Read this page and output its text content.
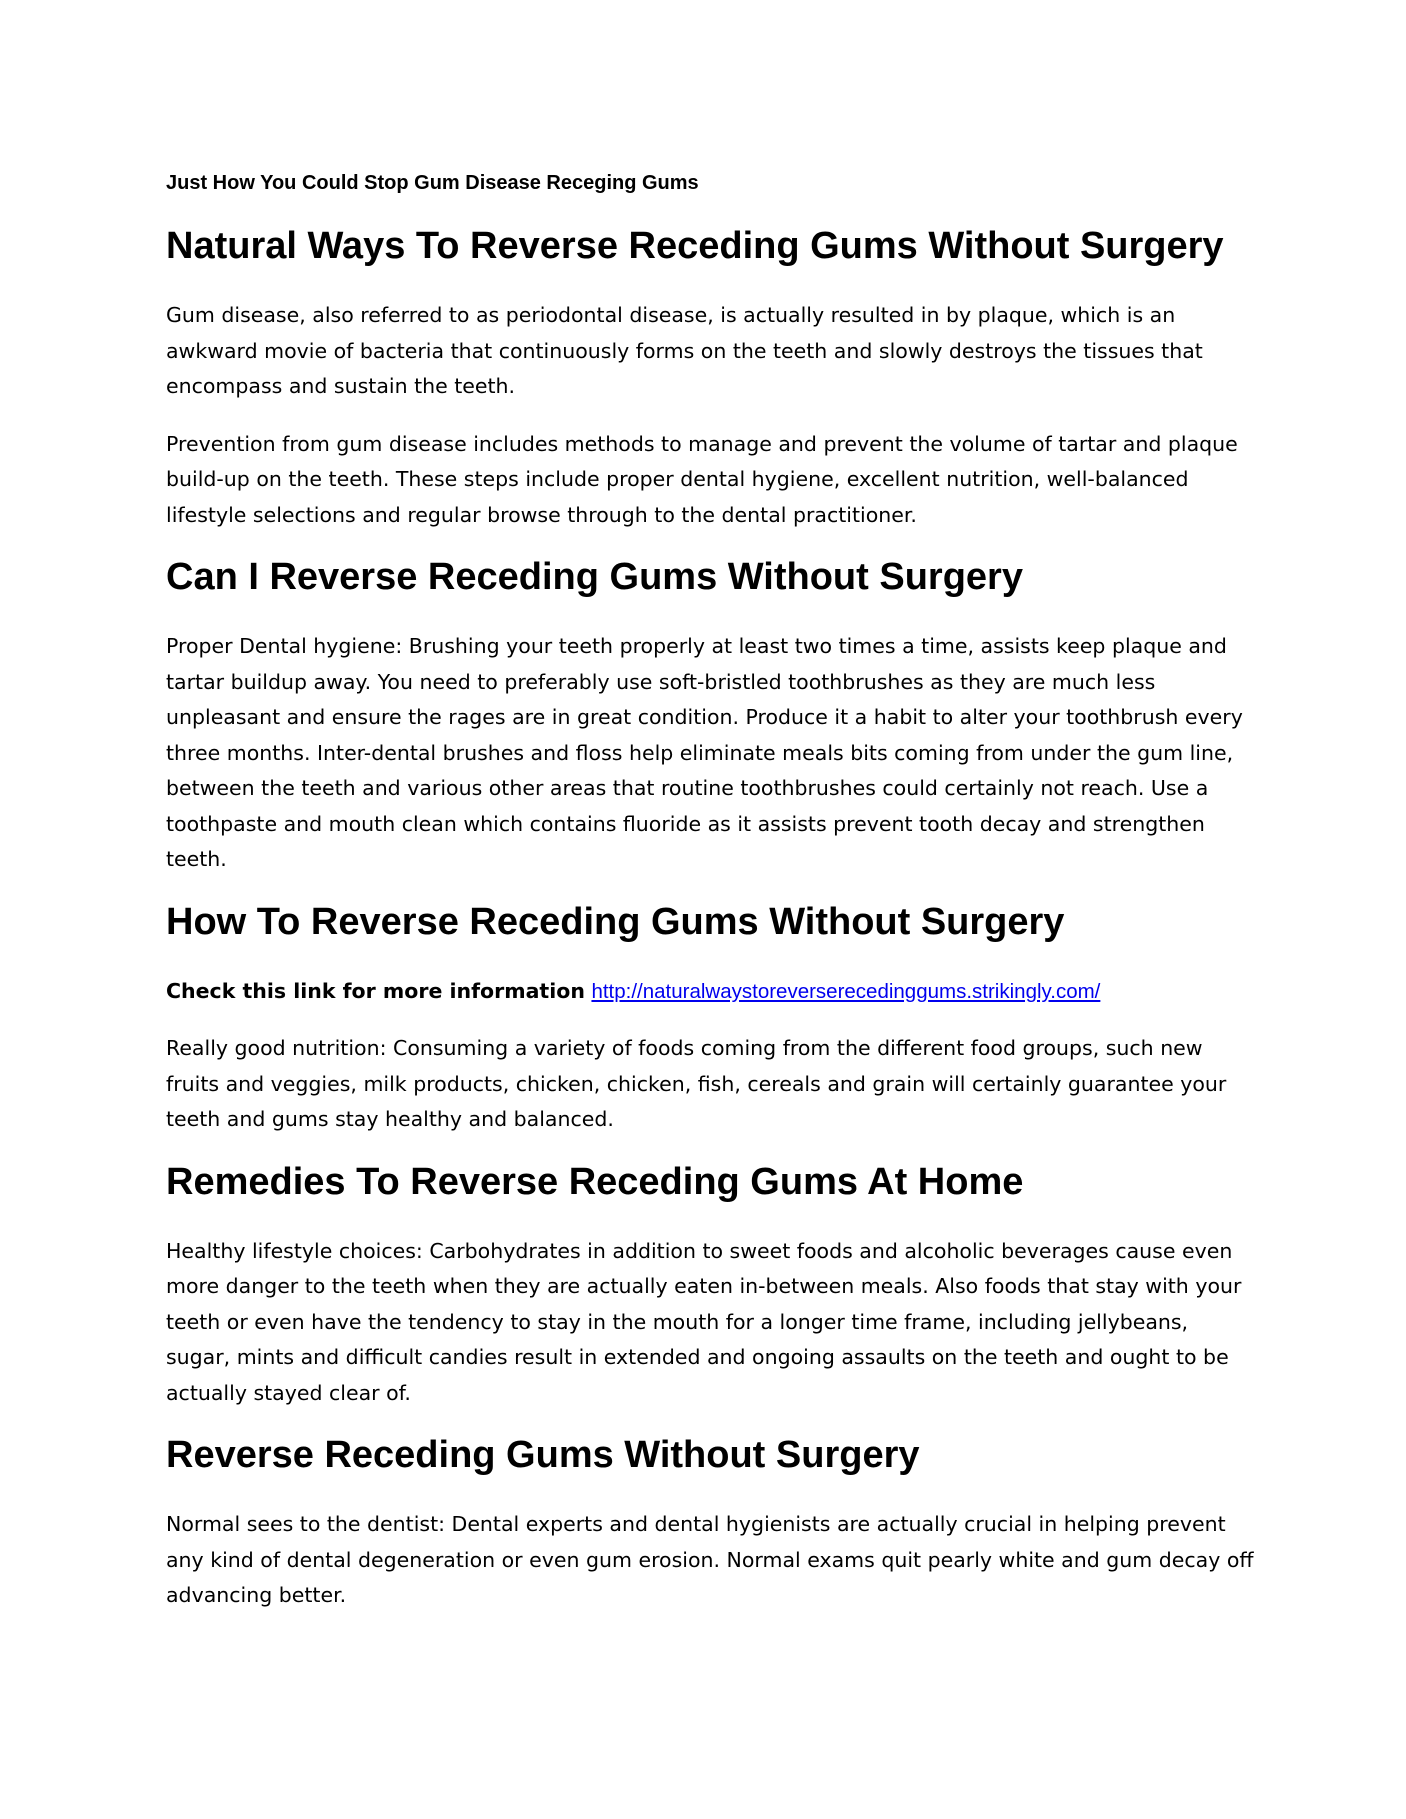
Just How You Could Stop Gum Disease Receging Gums
Natural Ways To Reverse Receding Gums Without Surgery

Gum disease, also referred to as periodontal disease, is actually resulted in by plaque, which is an awkward movie of bacteria that continuously forms on the teeth and slowly destroys the tissues that encompass and sustain the teeth.

Prevention from gum disease includes methods to manage and prevent the volume of tartar and plaque build-up on the teeth. These steps include proper dental hygiene, excellent nutrition, well-balanced lifestyle selections and regular browse through to the dental practitioner.

Can I Reverse Receding Gums Without Surgery

Proper Dental hygiene: Brushing your teeth properly at least two times a time, assists keep plaque and tartar buildup away. You need to preferably use soft-bristled toothbrushes as they are much less unpleasant and ensure the rages are in great condition. Produce it a habit to alter your toothbrush every three months. Inter-dental brushes and floss help eliminate meals bits coming from under the gum line, between the teeth and various other areas that routine toothbrushes could certainly not reach. Use a toothpaste and mouth clean which contains fluoride as it assists prevent tooth decay and strengthen teeth.

How To Reverse Receding Gums Without Surgery
Check this link for more information http://naturalwaystoreverserecedinggums.strikingly.com/

Really good nutrition: Consuming a variety of foods coming from the different food groups, such new fruits and veggies, milk products, chicken, chicken, fish, cereals and grain will certainly guarantee your teeth and gums stay healthy and balanced.

Remedies To Reverse Receding Gums At Home

Healthy lifestyle choices: Carbohydrates in addition to sweet foods and alcoholic beverages cause even more danger to the teeth when they are actually eaten in-between meals. Also foods that stay with your teeth or even have the tendency to stay in the mouth for a longer time frame, including jellybeans, sugar, mints and difficult candies result in extended and ongoing assaults on the teeth and ought to be actually stayed clear of.

Reverse Receding Gums Without Surgery

Normal sees to the dentist: Dental experts and dental hygienists are actually crucial in helping prevent any kind of dental degeneration or even gum erosion. Normal exams quit pearly white and gum decay off advancing better.
